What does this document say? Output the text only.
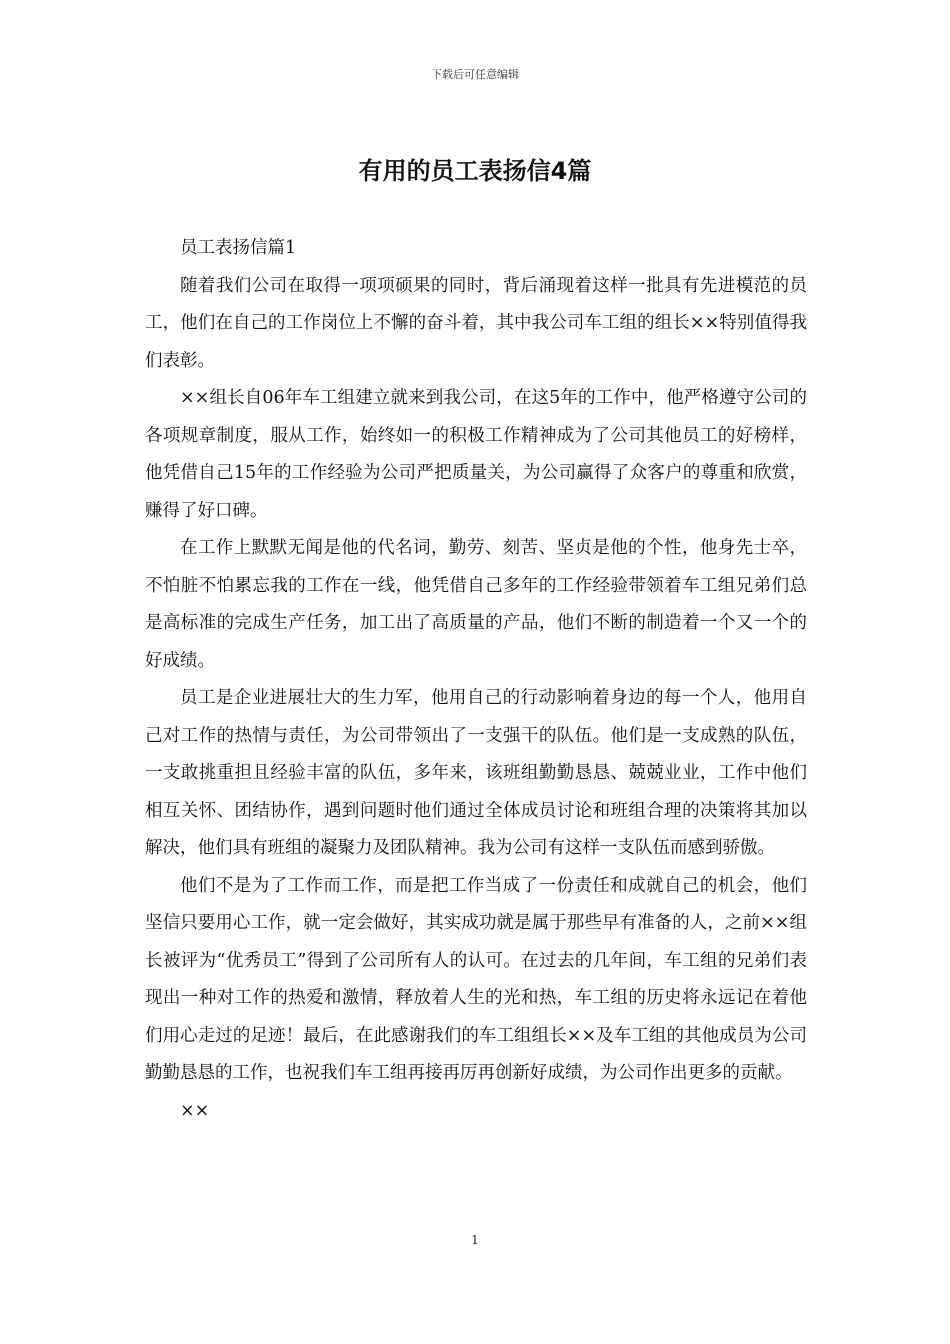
下载后可任意编辑
有用的员工表扬信4篇

员工表扬信篇1

随着我们公司在取得一项项硕果的同时，背后涌现着这样一批具有先进模范的员工，他们在自己的工作岗位上不懈的奋斗着，其中我公司车工组的组长××特别值得我们表彰。

××组长自06年车工组建立就来到我公司，在这5年的工作中，他严格遵守公司的各项规章制度，服从工作，始终如一的积极工作精神成为了公司其他员工的好榜样，他凭借自己15年的工作经验为公司严把质量关，为公司赢得了众客户的尊重和欣赏，赚得了好口碑。

在工作上默默无闻是他的代名词，勤劳、刻苦、坚贞是他的个性，他身先士卒，不怕脏不怕累忘我的工作在一线，他凭借自己多年的工作经验带领着车工组兄弟们总是高标准的完成生产任务，加工出了高质量的产品，他们不断的制造着一个又一个的好成绩。

员工是企业进展壮大的生力军，他用自己的行动影响着身边的每一个人，他用自己对工作的热情与责任，为公司带领出了一支强干的队伍。他们是一支成熟的队伍，一支敢挑重担且经验丰富的队伍，多年来，该班组勤勤恳恳、兢兢业业，工作中他们相互关怀、团结协作，遇到问题时他们通过全体成员讨论和班组合理的决策将其加以解决，他们具有班组的凝聚力及团队精神。我为公司有这样一支队伍而感到骄傲。

他们不是为了工作而工作，而是把工作当成了一份责任和成就自己的机会，他们坚信只要用心工作，就一定会做好，其实成功就是属于那些早有准备的人，之前××组长被评为“优秀员工”得到了公司所有人的认可。在过去的几年间，车工组的兄弟们表现出一种对工作的热爱和激情，释放着人生的光和热，车工组的历史将永远记在着他们用心走过的足迹！最后，在此感谢我们的车工组组长××及车工组的其他成员为公司勤勤恳恳的工作，也祝我们车工组再接再厉再创新好成绩，为公司作出更多的贡献。

××

1
